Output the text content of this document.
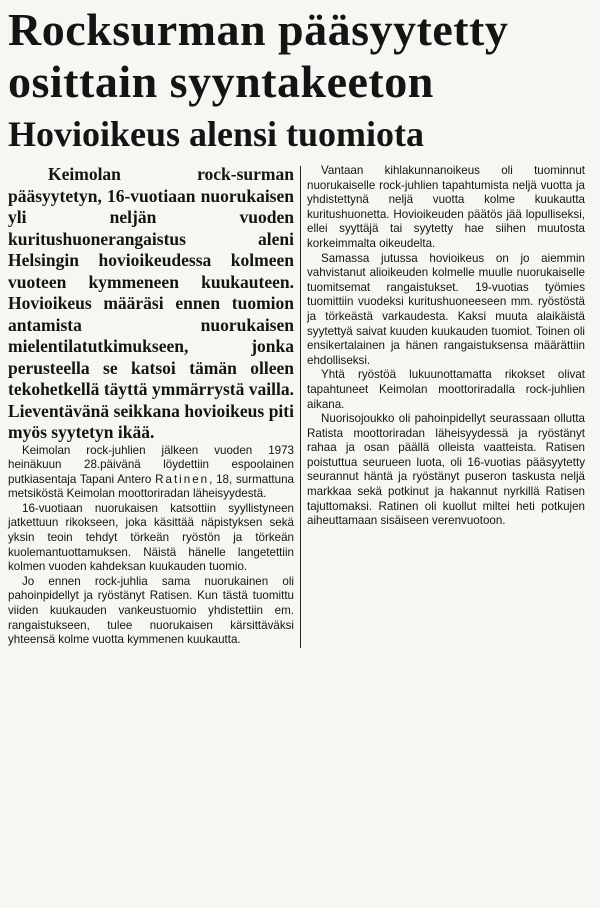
Rocksurman pääsyytetty
osittain syyntakeeton
Hovioikeus alensi tuomiota

Keimolan rock-surman pääsyytetyn, 16-vuotiaan nuorukaisen yli neljän vuoden kuritushuonerangaistus aleni Helsingin hovioikeudessa kolmeen vuoteen kymmeneen kuukauteen. Hovioikeus määräsi ennen tuomion antamista nuorukaisen mielentilatutkimukseen, jonka perusteella se katsoi tämän olleen tekohetkellä täyttä ymmärrystä vailla. Lieventävänä seikkana hovioikeus piti myös syytetyn ikää.

Keimolan rock-juhlien jälkeen vuoden 1973 heinäkuun 28.päivänä löydettiin espoolainen putkiasentaja Tapani Antero Ratinen, 18, surmattuna metsiköstä Keimolan moottoriradan läheisyydestä.

16-vuotiaan nuorukaisen katsottiin syyllistyneen jatkettuun rikokseen, joka käsittää näpistyksen sekä yksin teoin tehdyt törkeän ryöstön ja törkeän kuolemantuottamuksen. Näistä hänelle langetettiin kolmen vuoden kahdeksan kuukauden tuomio.

Jo ennen rock-juhlia sama nuorukainen oli pahoinpidellyt ja ryöstänyt Ratisen. Kun tästä tuomittu viiden kuukauden vankeustuomio yhdistettiin em. rangaistukseen, tulee nuorukaisen kärsittäväksi yhteensä kolme vuotta kymmenen kuukautta.

Vantaan kihlakunnanoikeus oli tuominnut nuorukaiselle rock-juhlien tapahtumista neljä vuotta ja yhdistettynä neljä vuotta kolme kuukautta kuritushuonetta. Hovioikeuden päätös jää lopulliseksi, ellei syyttäjä tai syytetty hae siihen muutosta korkeimmalta oikeudelta.

Samassa jutussa hovioikeus on jo aiemmin vahvistanut alioikeuden kolmelle muulle nuorukaiselle tuomitsemat rangaistukset. 19-vuotias työmies tuomittiin vuodeksi kuritushuoneeseen mm. ryöstöstä ja törkeästä varkaudesta. Kaksi muuta alaikäistä syytettyä saivat kuuden kuukauden tuomiot. Toinen oli ensikertalainen ja hänen rangaistuksensa määrättiin ehdolliseksi.

Yhtä ryöstöä lukuunottamatta rikokset olivat tapahtuneet Keimolan moottoriradalla rock-juhlien aikana.

Nuorisojoukko oli pahoinpidellyt seurassaan ollutta Ratista moottoriradan läheisyydessä ja ryöstänyt rahaa ja osan päällä olleista vaatteista. Ratisen poistuttua seurueen luota, oli 16-vuotias pääsyytetty seurannut häntä ja ryöstänyt puseron taskusta neljä markkaa sekä potkinut ja hakannut nyrkillä Ratisen tajuttomaksi. Ratinen oli kuollut miltei heti potkujen aiheuttamaan sisäiseen verenvuotoon.
